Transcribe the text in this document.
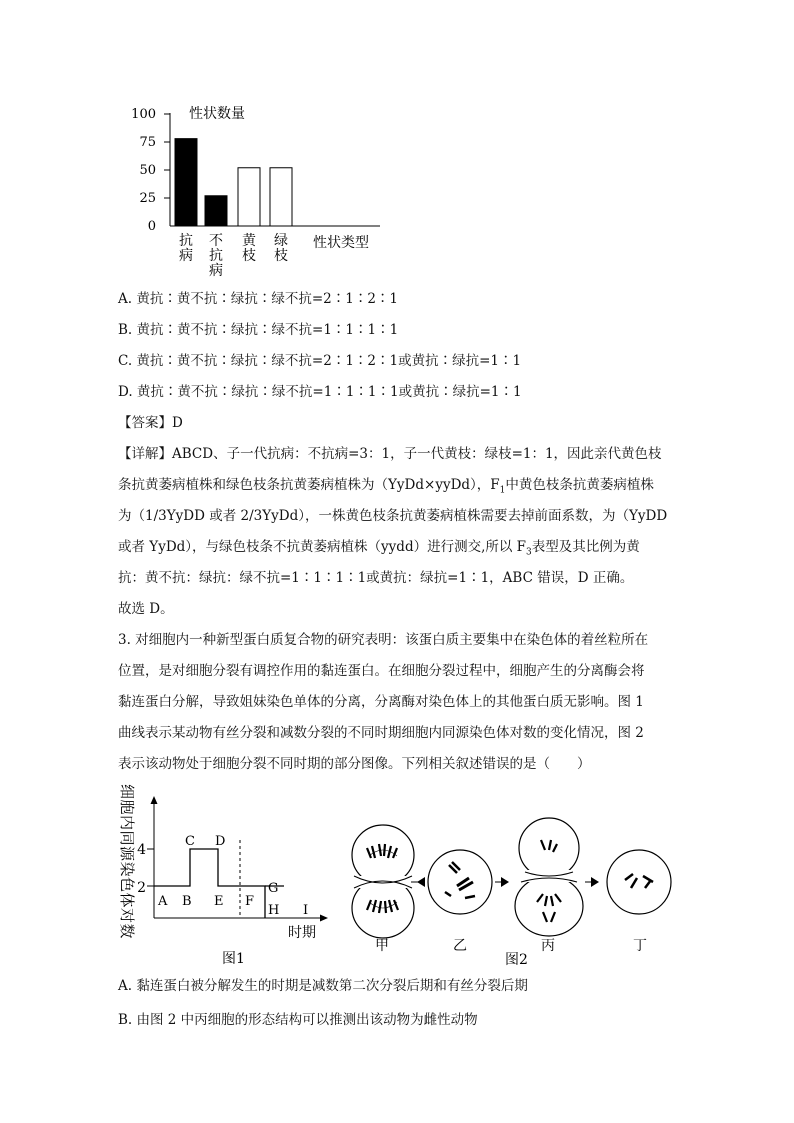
100
75
50
25
0
性状数量
性状类型
抗
病
不
抗
病
黄
枝
绿
枝
A. 黄抗∶黄不抗∶绿抗∶绿不抗=2∶1∶2∶1
B. 黄抗∶黄不抗∶绿抗∶绿不抗=1∶1∶1∶1
C. 黄抗∶黄不抗∶绿抗∶绿不抗=2∶1∶2∶1或黄抗∶绿抗=1∶1
D. 黄抗∶黄不抗∶绿抗∶绿不抗=1∶1∶1∶1或黄抗∶绿抗=1∶1
【答案】D
【详解】ABCD、子一代抗病：不抗病=3：1，子一代黄枝：绿枝=1：1，因此亲代黄色枝
条抗黄萎病植株和绿色枝条抗黄萎病植株为（YyDd×yyDd），$F_1$中黄色枝条抗黄萎病植株
为（1/3YyDD 或者 2/3YyDd），一株黄色枝条抗黄萎病植株需要去掉前面系数，为（YyDD
或者 YyDd），与绿色枝条不抗黄萎病植株（yydd）进行测交,所以 $F_3$表型及其比例为黄
抗：黄不抗：绿抗：绿不抗=1∶1∶1∶1或黄抗：绿抗=1∶1，ABC 错误，D 正确。
故选 D。
3. 对细胞内一种新型蛋白质复合物的研究表明：该蛋白质主要集中在染色体的着丝粒所在
位置，是对细胞分裂有调控作用的黏连蛋白。在细胞分裂过程中，细胞产生的分离酶会将
黏连蛋白分解，导致姐妹染色单体的分离，分离酶对染色体上的其他蛋白质无影响。图 1
曲线表示某动物有丝分裂和减数分裂的不同时期细胞内同源染色体对数的变化情况，图 2
表示该动物处于细胞分裂不同时期的部分图像。下列相关叙述错误的是（　　）
细胞内同源染色体对数 4
2
A B
C D
E F
G
H I
时期
图1
甲	乙	丙	丁
图2
A. 黏连蛋白被分解发生的时期是减数第二次分裂后期和有丝分裂后期
B. 由图 2 中丙细胞的形态结构可以推测出该动物为雌性动物
